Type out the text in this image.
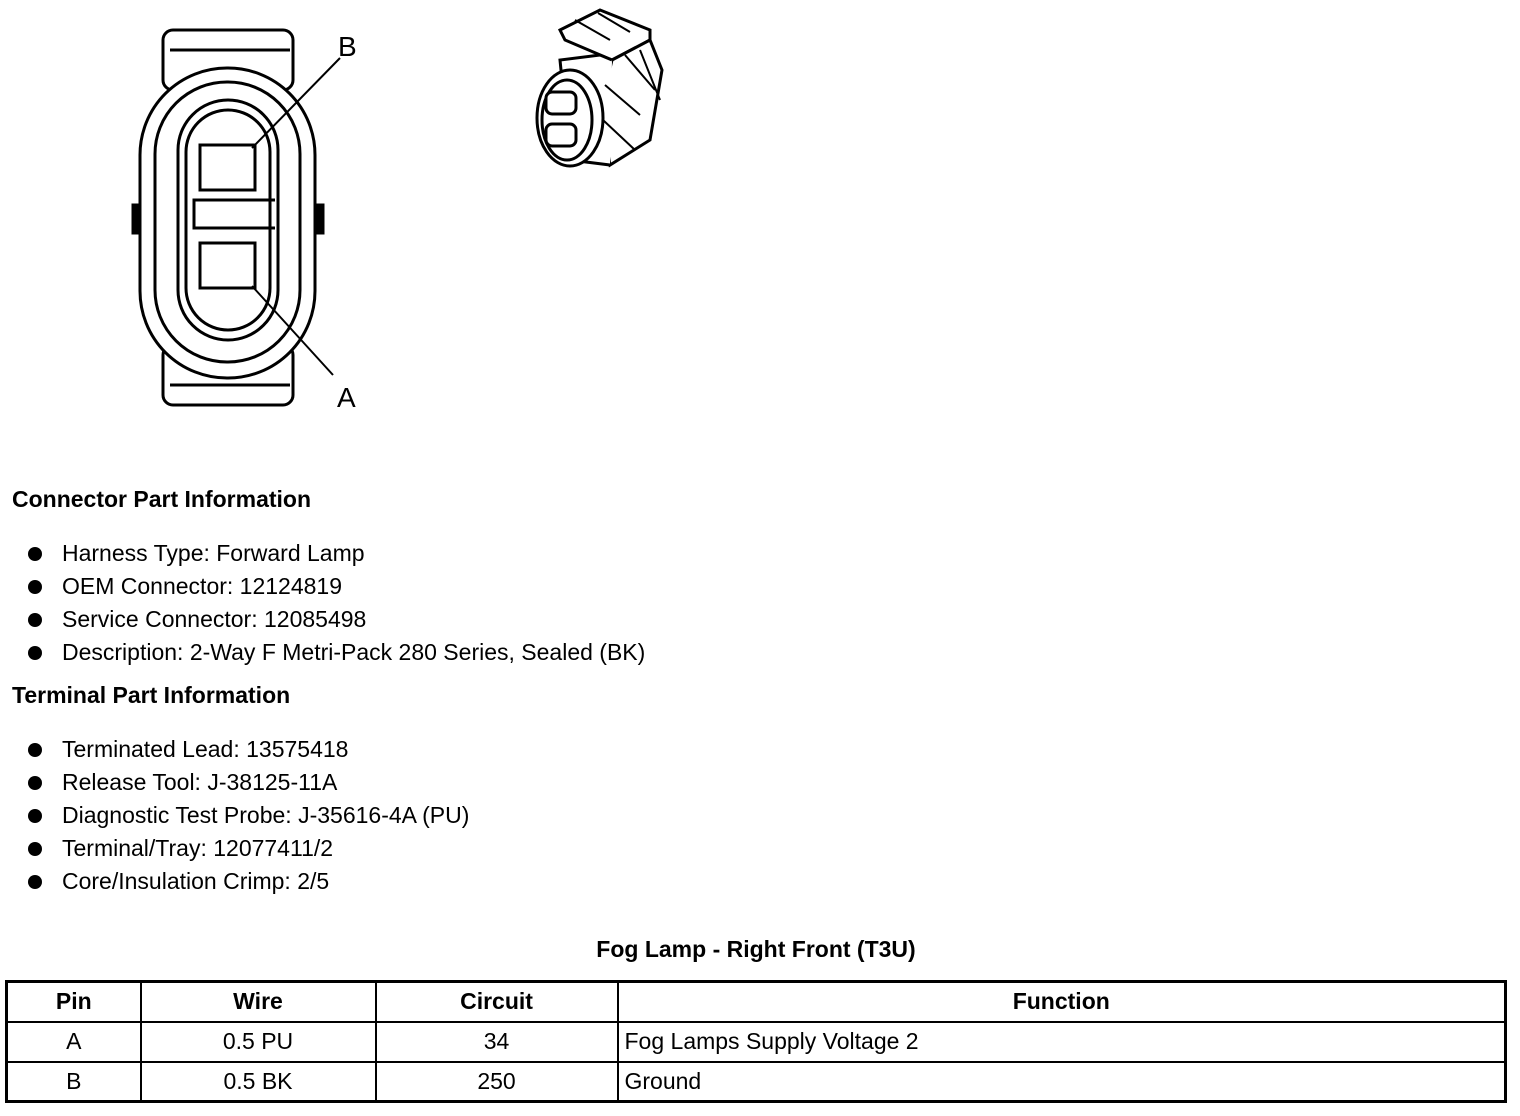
B
A
Connector Part Information
Harness Type: Forward Lamp
OEM Connector: 12124819
Service Connector: 12085498
Description: 2-Way F Metri-Pack 280 Series, Sealed (BK)
Terminal Part Information
Terminated Lead: 13575418
Release Tool: J-38125-11A
Diagnostic Test Probe: J-35616-4A (PU)
Terminal/Tray: 12077411/2
Core/Insulation Crimp: 2/5
Fog Lamp - Right Front (T3U)
Pin	Wire	Circuit	Function
A	0.5 PU	34	Fog Lamps Supply Voltage 2
B	0.5 BK	250	Ground
